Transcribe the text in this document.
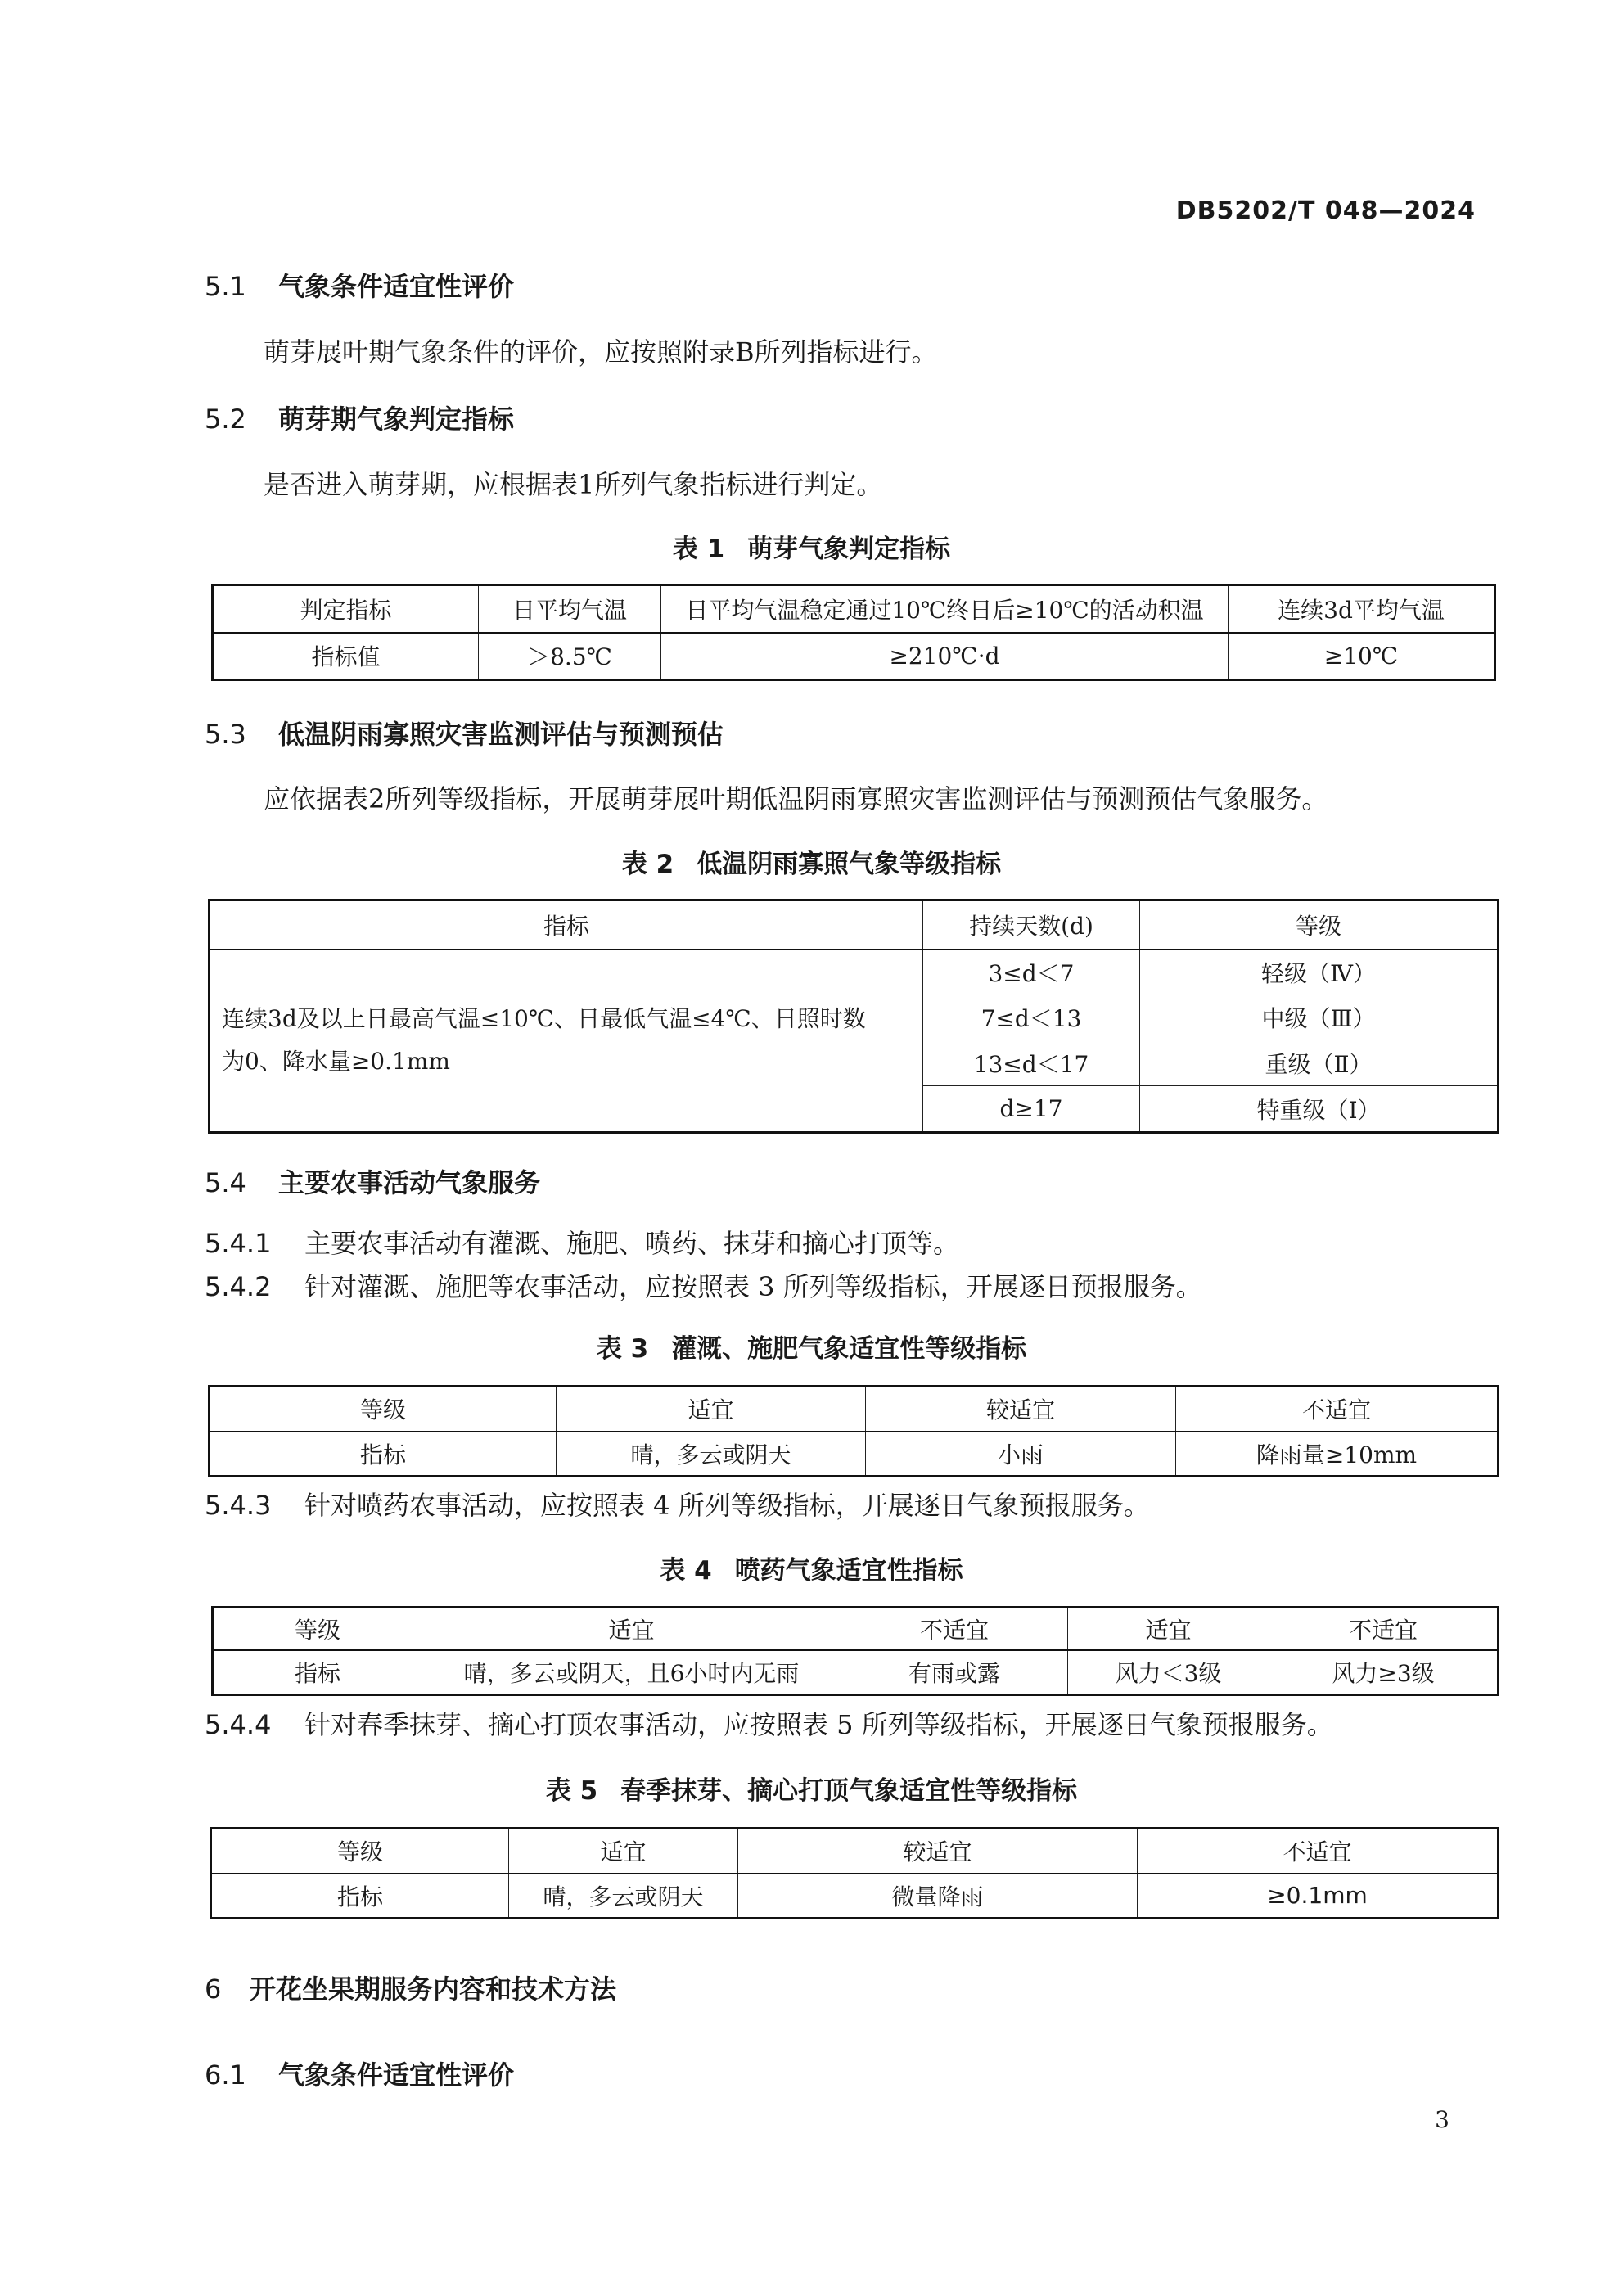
DB5202/T 048—2024
5.1 气象条件适宜性评价
萌芽展叶期气象条件的评价，应按照附录B所列指标进行。
5.2 萌芽期气象判定指标
是否进入萌芽期，应根据表1所列气象指标进行判定。
表 1 萌芽气象判定指标
判定指标	日平均气温	日平均气温稳定通过10℃终日后≥10℃的活动积温	连续3d平均气温
指标值	＞8.5℃	≥210℃·d	≥10℃
5.3 低温阴雨寡照灾害监测评估与预测预估
应依据表2所列等级指标，开展萌芽展叶期低温阴雨寡照灾害监测评估与预测预估气象服务。
表 2 低温阴雨寡照气象等级指标
指标	持续天数(d)	等级

连续3d及以上日最高气温≤10℃、日最低气温≤4℃、日照时数
为0、降水量≥0.1mm	3≤d＜7	轻级（Ⅳ）
	7≤d＜13	中级（Ⅲ）
	13≤d＜17	重级（Ⅱ）
	d≥17	特重级（Ⅰ）
5.4 主要农事活动气象服务
5.4.1 主要农事活动有灌溉、施肥、喷药、抹芽和摘心打顶等。
5.4.2 针对灌溉、施肥等农事活动，应按照表 3 所列等级指标，开展逐日预报服务。
表 3 灌溉、施肥气象适宜性等级指标
等级	适宜	较适宜	不适宜
指标	晴，多云或阴天	小雨	降雨量≥10mm
5.4.3 针对喷药农事活动，应按照表 4 所列等级指标，开展逐日气象预报服务。
表 4 喷药气象适宜性指标
等级	适宜	不适宜	适宜	不适宜
指标	晴，多云或阴天，且6小时内无雨	有雨或露	风力＜3级	风力≥3级
5.4.4 针对春季抹芽、摘心打顶农事活动，应按照表 5 所列等级指标，开展逐日气象预报服务。
表 5 春季抹芽、摘心打顶气象适宜性等级指标
等级	适宜	较适宜	不适宜
指标	晴，多云或阴天	微量降雨	≥0.1mm
6 开花坐果期服务内容和技术方法
6.1 气象条件适宜性评价
3
